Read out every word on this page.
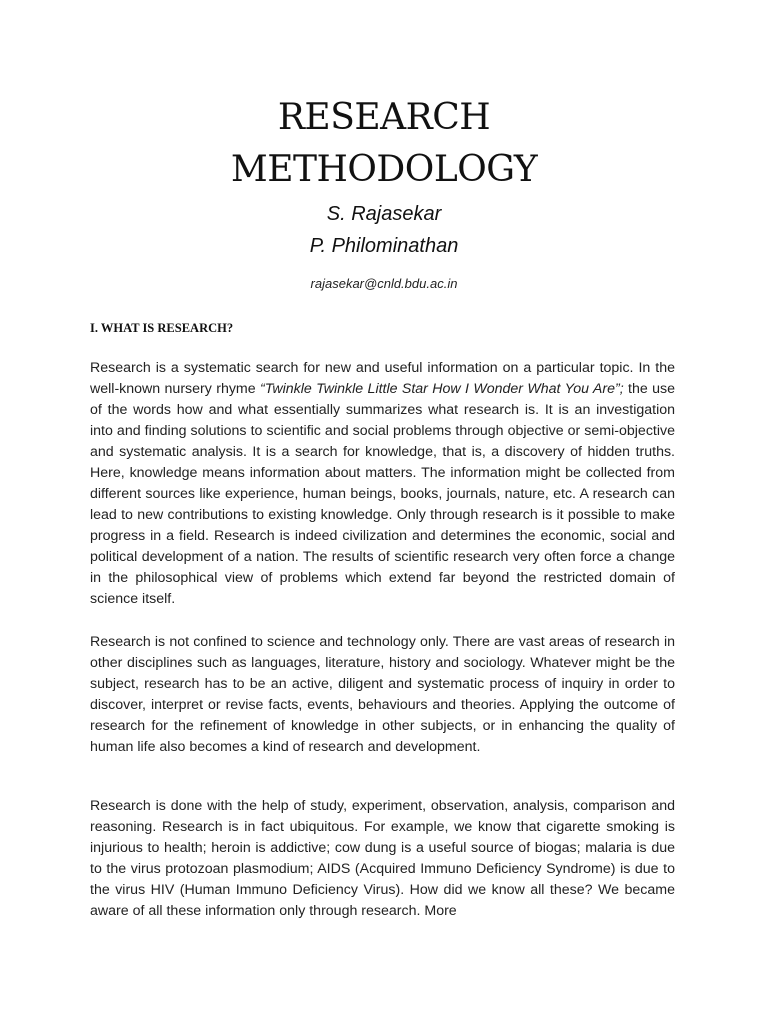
RESEARCH
METHODOLOGY
S. Rajasekar
P. Philominathan
rajasekar@cnld.bdu.ac.in
I. WHAT IS RESEARCH?

Research is a systematic search for new and useful information on a particular topic. In the well-known nursery rhyme “Twinkle Twinkle Little Star How I Wonder What You Are”; the use of the words how and what essentially summarizes what research is. It is an investigation into and finding solutions to scientific and social problems through objective or semi-objective and systematic analysis. It is a search for knowledge, that is, a discovery of hidden truths. Here, knowledge means information about matters. The information might be collected from different sources like experience, human beings, books, journals, nature, etc. A research can lead to new contributions to existing knowledge. Only through research is it possible to make progress in a field. Research is indeed civilization and determines the economic, social and political development of a nation. The results of scientific research very often force a change in the philosophical view of problems which extend far beyond the restricted domain of science itself.

Research is not confined to science and technology only. There are vast areas of research in other disciplines such as languages, literature, history and sociology. Whatever might be the subject, research has to be an active, diligent and systematic process of inquiry in order to discover, interpret or revise facts, events, behaviours and theories. Applying the outcome of research for the refinement of knowledge in other subjects, or in enhancing the quality of human life also becomes a kind of research and development.

Research is done with the help of study, experiment, observation, analysis, comparison and reasoning. Research is in fact ubiquitous. For example, we know that cigarette smoking is injurious to health; heroin is addictive; cow dung is a useful source of biogas; malaria is due to the virus protozoan plasmodium; AIDS (Acquired Immuno Deficiency Syndrome) is due to the virus HIV (Human Immuno Deficiency Virus). How did we know all these? We became aware of all these information only through research. More
